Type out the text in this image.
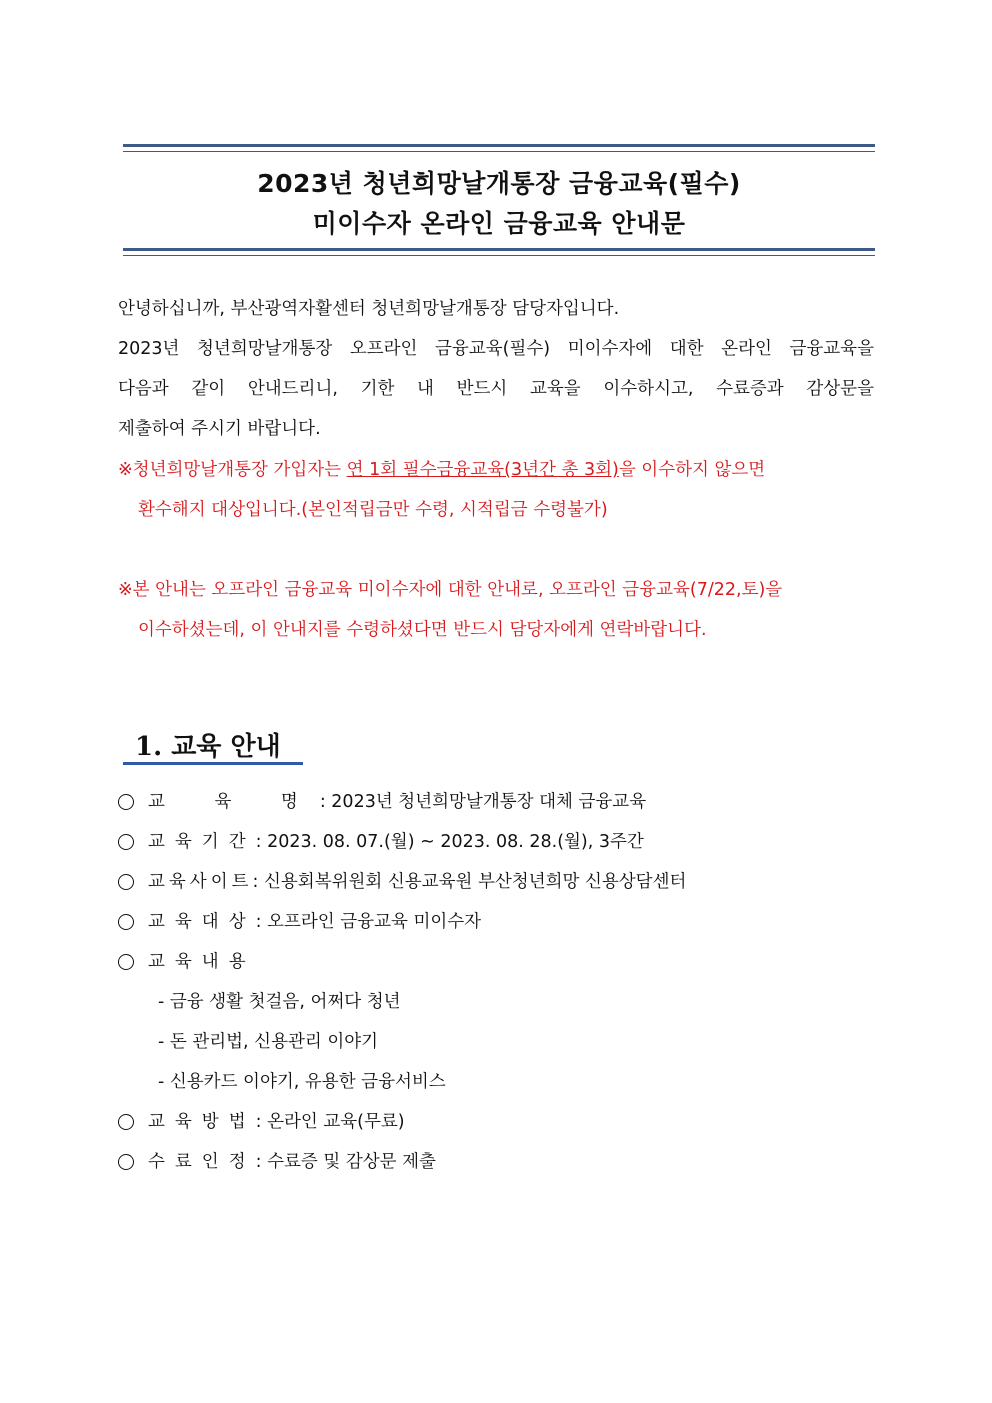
2023년 청년희망날개통장 금융교육(필수)
미이수자 온라인 금융교육 안내문
안녕하십니까, 부산광역자활센터 청년희망날개통장 담당자입니다.
2023년 청년희망날개통장 오프라인 금융교육(필수) 미이수자에 대한 온라인 금융교육을
다음과 같이 안내드리니, 기한 내 반드시 교육을 이수하시고, 수료증과 감상문을
제출하여 주시기 바랍니다.
※청년희망날개통장 가입자는 연 1회 필수금융교육(3년간 총 3회)을 이수하지 않으면
환수해지 대상입니다.(본인적립금만 수령, 시적립금 수령불가)
※본 안내는 오프라인 금융교육 미이수자에 대한 안내로, 오프라인 금융교육(7/22,토)을
이수하셨는데, 이 안내지를 수령하셨다면 반드시 담당자에게 연락바랍니다.
1. 교육 안내
교 육 명 : 2023년 청년희망날개통장 대체 금융교육
교육기간 : 2023. 08. 07.(월) ~ 2023. 08. 28.(월), 3주간
교육사이트 : 신용회복위원회 신용교육원 부산청년희망 신용상담센터
교육대상 : 오프라인 금융교육 미이수자
교육내용
- 금융 생활 첫걸음, 어쩌다 청년
- 돈 관리법, 신용관리 이야기
- 신용카드 이야기, 유용한 금융서비스
교육방법 : 온라인 교육(무료)
수료인정 : 수료증 및 감상문 제출
